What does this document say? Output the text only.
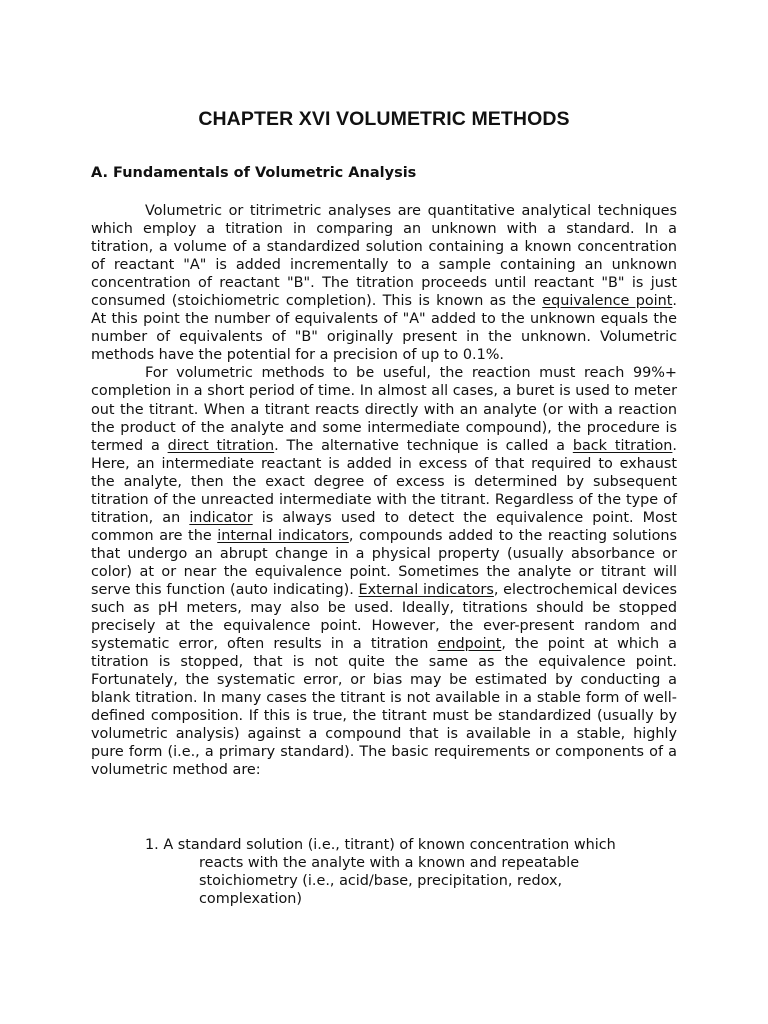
CHAPTER XVI VOLUMETRIC METHODS
A. Fundamentals of Volumetric Analysis

Volumetric or titrimetric analyses are quantitative analytical techniques which employ a titration in comparing an unknown with a standard. In a titration, a volume of a standardized solution containing a known concentration of reactant "A" is added incrementally to a sample containing an unknown concentration of reactant "B". The titration proceeds until reactant "B" is just consumed (stoichiometric completion). This is known as the equivalence point. At this point the number of equivalents of "A" added to the unknown equals the number of equivalents of "B" originally present in the unknown. Volumetric methods have the potential for a precision of up to 0.1%.

For volumetric methods to be useful, the reaction must reach 99%+ completion in a short period of time. In almost all cases, a buret is used to meter out the titrant. When a titrant reacts directly with an analyte (or with a reaction the product of the analyte and some intermediate compound), the procedure is termed a direct titration. The alternative technique is called a back titration. Here, an intermediate reactant is added in excess of that required to exhaust the analyte, then the exact degree of excess is determined by subsequent titration of the unreacted intermediate with the titrant. Regardless of the type of titration, an indicator is always used to detect the equivalence point. Most common are the internal indicators, compounds added to the reacting solutions that undergo an abrupt change in a physical property (usually absorbance or color) at or near the equivalence point. Sometimes the analyte or titrant will serve this function (auto indicating). External indicators, electrochemical devices such as pH meters, may also be used. Ideally, titrations should be stopped precisely at the equivalence point. However, the ever-present random and systematic error, often results in a titration endpoint, the point at which a titration is stopped, that is not quite the same as the equivalence point. Fortunately, the systematic error, or bias may be estimated by conducting a blank titration. In many cases the titrant is not available in a stable form of well-defined composition. If this is true, the titrant must be standardized (usually by volumetric analysis) against a compound that is available in a stable, highly pure form (i.e., a primary standard). The basic requirements or components of a volumetric method are:

1. A standard solution (i.e., titrant) of known concentration which
reacts with the analyte with a known and repeatable stoichiometry (i.e., acid/base, precipitation, redox, complexation)
